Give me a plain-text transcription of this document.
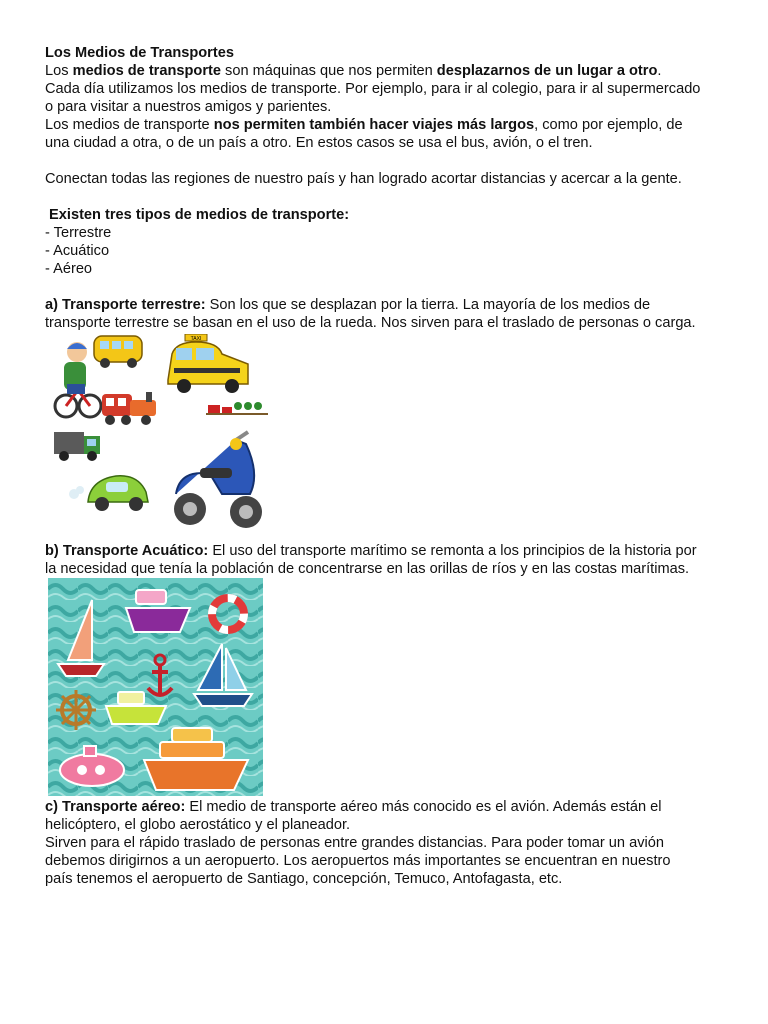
Los Medios de Transportes

Los medios de transporte son máquinas que nos permiten desplazarnos de un lugar a otro.

Cada día utilizamos los medios de transporte. Por ejemplo, para ir al colegio, para ir al supermercado

o para visitar a nuestros amigos y parientes.

Los medios de transporte nos permiten también hacer viajes más largos, como por ejemplo, de

una ciudad a otra, o de un país a otro. En estos casos se usa el bus, avión, o el tren.

Conectan todas las regiones de nuestro país y han logrado acortar distancias y acercar a la gente.

Existen tres tipos de medios de transporte:

- Terrestre

- Acuático

- Aéreo

a) Transporte terrestre: Son los que se desplazan por la tierra. La mayoría de los medios de

transporte terrestre se basan en el uso de la rueda. Nos sirven para el traslado de personas o carga.

TAXI

b) Transporte Acuático: El uso del transporte marítimo se remonta a los principios de la historia por

la necesidad que tenía la población de concentrarse en las orillas de ríos y en las costas marítimas.

c) Transporte aéreo: El medio de transporte aéreo más conocido es el avión. Además están el

helicóptero, el globo aerostático y el planeador.

Sirven para el rápido traslado de personas entre grandes distancias. Para poder tomar un avión

debemos dirigirnos a un aeropuerto. Los aeropuertos más importantes se encuentran en nuestro

país tenemos el aeropuerto de Santiago, concepción, Temuco, Antofagasta, etc.
